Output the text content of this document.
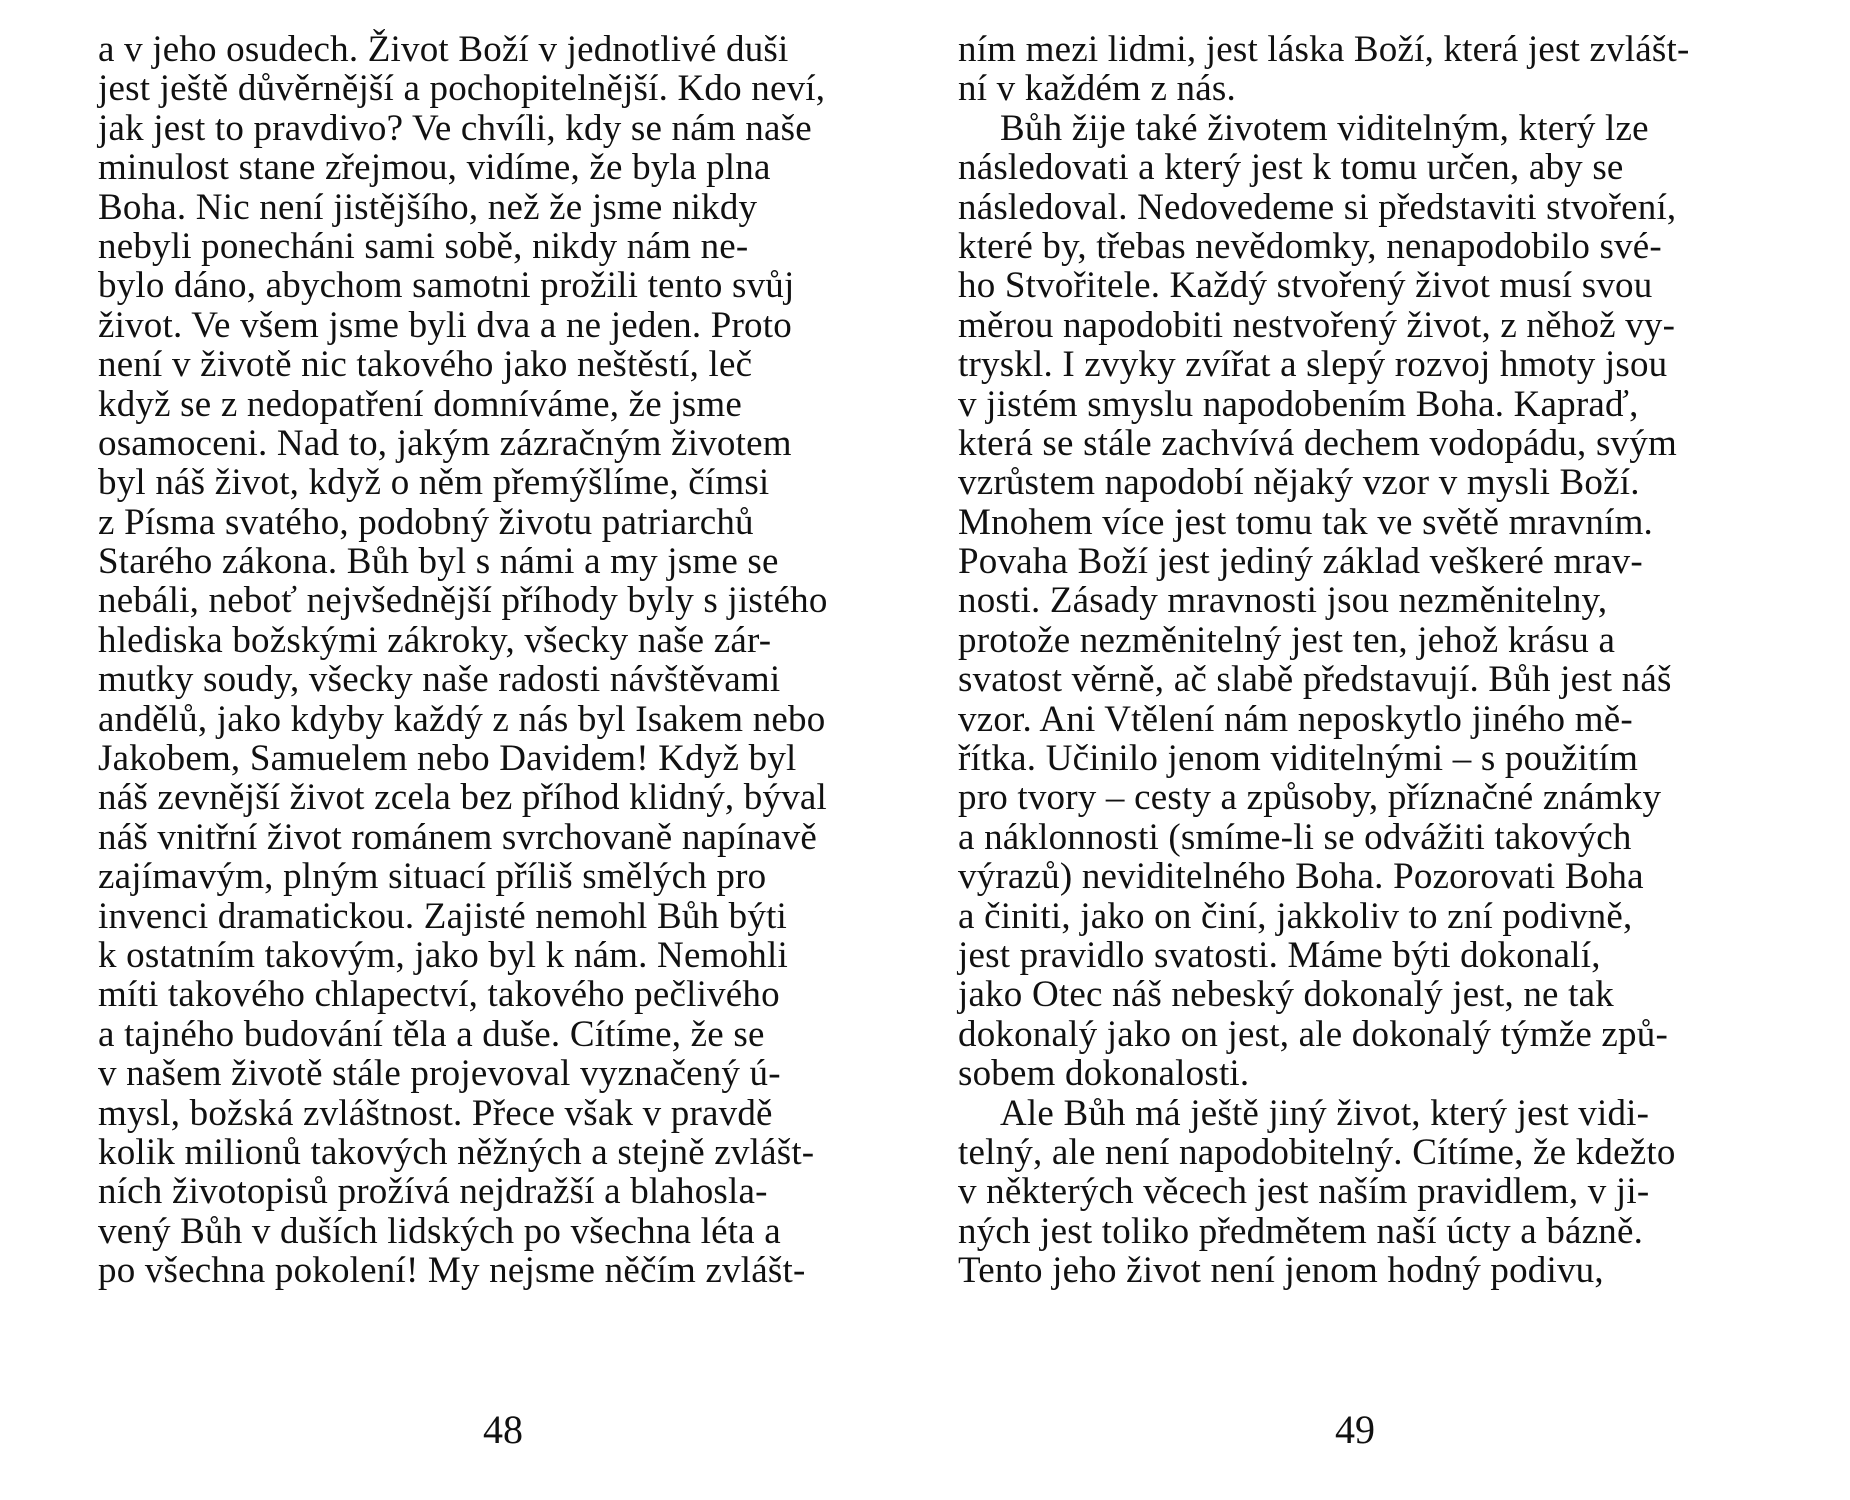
a v jeho osudech. Život Boží v jednotlivé duši
jest ještě důvěrnější a pochopitelnější. Kdo neví,
jak jest to pravdivo? Ve chvíli, kdy se nám naše
minulost stane zřejmou, vidíme, že byla plna
Boha. Nic není jistějšího, než že jsme nikdy
nebyli ponecháni sami sobě, nikdy nám ne-
bylo dáno, abychom samotni prožili tento svůj
život. Ve všem jsme byli dva a ne jeden. Proto
není v životě nic takového jako neštěstí, leč
když se z nedopatření domníváme, že jsme
osamoceni. Nad to, jakým zázračným životem
byl náš život, když o něm přemýšlíme, čímsi
z Písma svatého, podobný životu patriarchů
Starého zákona. Bůh byl s námi a my jsme se
nebáli, neboť nejvšednější příhody byly s jistého
hlediska božskými zákroky, všecky naše zár-
mutky soudy, všecky naše radosti návštěvami
andělů, jako kdyby každý z nás byl Isakem nebo
Jakobem, Samuelem nebo Davidem! Když byl
náš zevnější život zcela bez příhod klidný, býval
náš vnitřní život románem svrchovaně napínavě
zajímavým, plným situací příliš smělých pro
invenci dramatickou. Zajisté nemohl Bůh býti
k ostatním takovým, jako byl k nám. Nemohli
míti takového chlapectví, takového pečlivého
a tajného budování těla a duše. Cítíme, že se
v našem životě stále projevoval vyznačený ú-
mysl, božská zvláštnost. Přece však v pravdě
kolik milionů takových něžných a stejně zvlášt-
ních životopisů prožívá nejdražší a blahosla-
vený Bůh v duších lidských po všechna léta a
po všechna pokolení! My nejsme něčím zvlášt-
48
ním mezi lidmi, jest láska Boží, která jest zvlášt-
ní v každém z nás.
Bůh žije také životem viditelným, který lze
následovati a který jest k tomu určen, aby se
následoval. Nedovedeme si představiti stvoření,
které by, třebas nevědomky, nenapodobilo své-
ho Stvořitele. Každý stvořený život musí svou
měrou napodobiti nestvořený život, z něhož vy-
tryskl. I zvyky zvířat a slepý rozvoj hmoty jsou
v jistém smyslu napodobením Boha. Kapraď,
která se stále zachvívá dechem vodopádu, svým
vzrůstem napodobí nějaký vzor v mysli Boží.
Mnohem více jest tomu tak ve světě mravním.
Povaha Boží jest jediný základ veškeré mrav-
nosti. Zásady mravnosti jsou nezměnitelny,
protože nezměnitelný jest ten, jehož krásu a
svatost věrně, ač slabě představují. Bůh jest náš
vzor. Ani Vtělení nám neposkytlo jiného mě-
řítka. Učinilo jenom viditelnými – s použitím
pro tvory – cesty a způsoby, příznačné známky
a náklonnosti (smíme-li se odvážiti takových
výrazů) neviditelného Boha. Pozorovati Boha
a činiti, jako on činí, jakkoliv to zní podivně,
jest pravidlo svatosti. Máme býti dokonalí,
jako Otec náš nebeský dokonalý jest, ne tak
dokonalý jako on jest, ale dokonalý týmže způ-
sobem dokonalosti.
Ale Bůh má ještě jiný život, který jest vidi-
telný, ale není napodobitelný. Cítíme, že kdežto
v některých věcech jest naším pravidlem, v ji-
ných jest toliko předmětem naší úcty a bázně.
Tento jeho život není jenom hodný podivu,
49
